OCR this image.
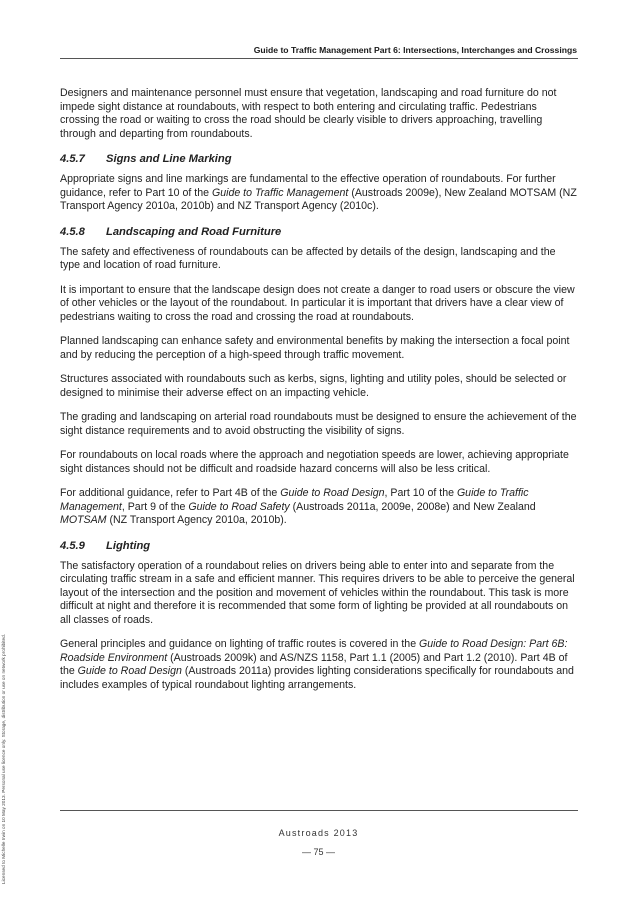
Guide to Traffic Management Part 6: Intersections, Interchanges and Crossings

Designers and maintenance personnel must ensure that vegetation, landscaping and road furniture do not impede sight distance at roundabouts, with respect to both entering and circulating traffic. Pedestrians crossing the road or waiting to cross the road should be clearly visible to drivers approaching, travelling through and departing from roundabouts.

4.5.7 Signs and Line Marking

Appropriate signs and line markings are fundamental to the effective operation of roundabouts. For further guidance, refer to Part 10 of the Guide to Traffic Management (Austroads 2009e), New Zealand MOTSAM (NZ Transport Agency 2010a, 2010b) and NZ Transport Agency (2010c).

4.5.8 Landscaping and Road Furniture

The safety and effectiveness of roundabouts can be affected by details of the design, landscaping and the type and location of road furniture.

It is important to ensure that the landscape design does not create a danger to road users or obscure the view of other vehicles or the layout of the roundabout. In particular it is important that drivers have a clear view of pedestrians waiting to cross the road and crossing the road at roundabouts.

Planned landscaping can enhance safety and environmental benefits by making the intersection a focal point and by reducing the perception of a high-speed through traffic movement.

Structures associated with roundabouts such as kerbs, signs, lighting and utility poles, should be selected or designed to minimise their adverse effect on an impacting vehicle.

The grading and landscaping on arterial road roundabouts must be designed to ensure the achievement of the sight distance requirements and to avoid obstructing the visibility of signs.

For roundabouts on local roads where the approach and negotiation speeds are lower, achieving appropriate sight distances should not be difficult and roadside hazard concerns will also be less critical.

For additional guidance, refer to Part 4B of the Guide to Road Design, Part 10 of the Guide to Traffic Management, Part 9 of the Guide to Road Safety (Austroads 2011a, 2009e, 2008e) and New Zealand MOTSAM (NZ Transport Agency 2010a, 2010b).

4.5.9 Lighting

The satisfactory operation of a roundabout relies on drivers being able to enter into and separate from the circulating traffic stream in a safe and efficient manner. This requires drivers to be able to perceive the general layout of the intersection and the position and movement of vehicles within the roundabout. This task is more difficult at night and therefore it is recommended that some form of lighting be provided at all roundabouts on all classes of roads.

General principles and guidance on lighting of traffic routes is covered in the Guide to Road Design: Part 6B: Roadside Environment (Austroads 2009k) and AS/NZS 1158, Part 1.1 (2005) and Part 1.2 (2010). Part 4B of the Guide to Road Design (Austroads 2011a) provides lighting considerations specifically for roundabouts and includes examples of typical roundabout lighting arrangements.

Licensed to Michelle Irwin on 10 May 2013. Personal use licence only. Storage, distribution or use on network prohibited.	Austroads 2013
— 75 —
